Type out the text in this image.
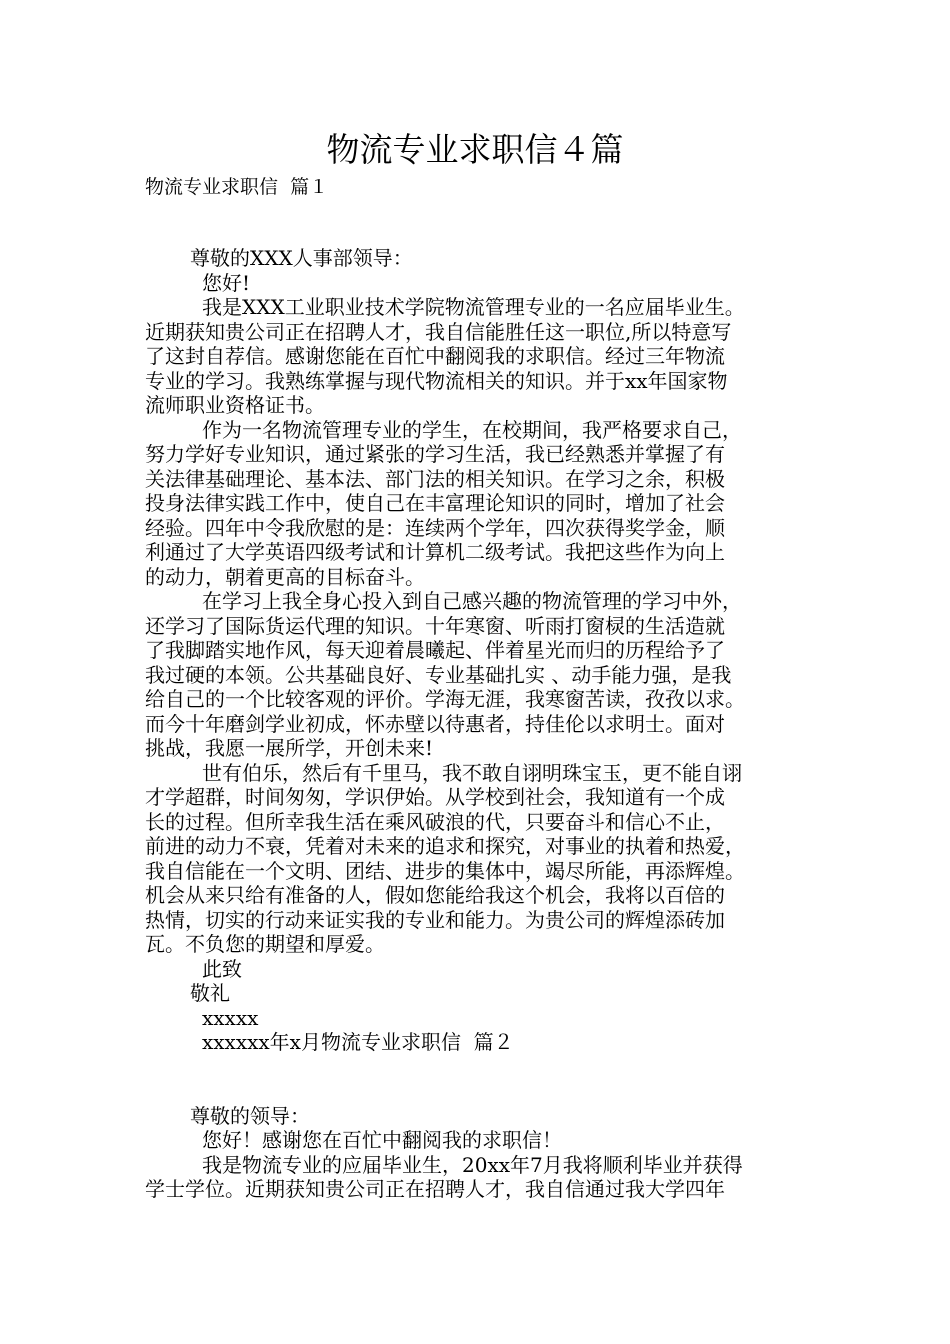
物流专业求职信４篇
物流专业求职信  篇１
尊敬的XXX人事部领导：
您好!
我是XXX工业职业技术学院物流管理专业的一名应届毕业生。
近期获知贵公司正在招聘人才，我自信能胜任这一职位,所以特意写
了这封自荐信。感谢您能在百忙中翻阅我的求职信。经过三年物流
专业的学习。我熟练掌握与现代物流相关的知识。并于xx年国家物
流师职业资格证书。
作为一名物流管理专业的学生，在校期间，我严格要求自己，
努力学好专业知识，通过紧张的学习生活，我已经熟悉并掌握了有
关法律基础理论、基本法、部门法的相关知识。在学习之余，积极
投身法律实践工作中，使自己在丰富理论知识的同时，增加了社会
经验。四年中令我欣慰的是：连续两个学年，四次获得奖学金，顺
利通过了大学英语四级考试和计算机二级考试。我把这些作为向上
的动力，朝着更高的目标奋斗。
在学习上我全身心投入到自己感兴趣的物流管理的学习中外，
还学习了国际货运代理的知识。十年寒窗、听雨打窗棂的生活造就
了我脚踏实地作风，每天迎着晨曦起、伴着星光而归的历程给予了
我过硬的本领。公共基础良好、专业基础扎实 、动手能力强，是我
给自己的一个比较客观的评价。学海无涯，我寒窗苦读，孜孜以求。
而今十年磨剑学业初成，怀赤壁以待惠者，持佳伦以求明士。面对
挑战，我愿一展所学，开创未来!
世有伯乐，然后有千里马，我不敢自诩明珠宝玉，更不能自诩
才学超群，时间匆匆，学识伊始。从学校到社会，我知道有一个成
长的过程。但所幸我生活在乘风破浪的代，只要奋斗和信心不止，
前进的动力不衰，凭着对未来的追求和探究，对事业的执着和热爱，
我自信能在一个文明、团结、进步的集体中，竭尽所能，再添辉煌。
机会从来只给有准备的人，假如您能给我这个机会，我将以百倍的
热情，切实的行动来证实我的专业和能力。为贵公司的辉煌添砖加
瓦。不负您的期望和厚爱。
此致
敬礼
xxxxx
xxxxxx年x月物流专业求职信  篇２
尊敬的领导：
您好！感谢您在百忙中翻阅我的求职信！
我是物流专业的应届毕业生，20xx年7月我将顺利毕业并获得
学士学位。近期获知贵公司正在招聘人才，我自信通过我大学四年
